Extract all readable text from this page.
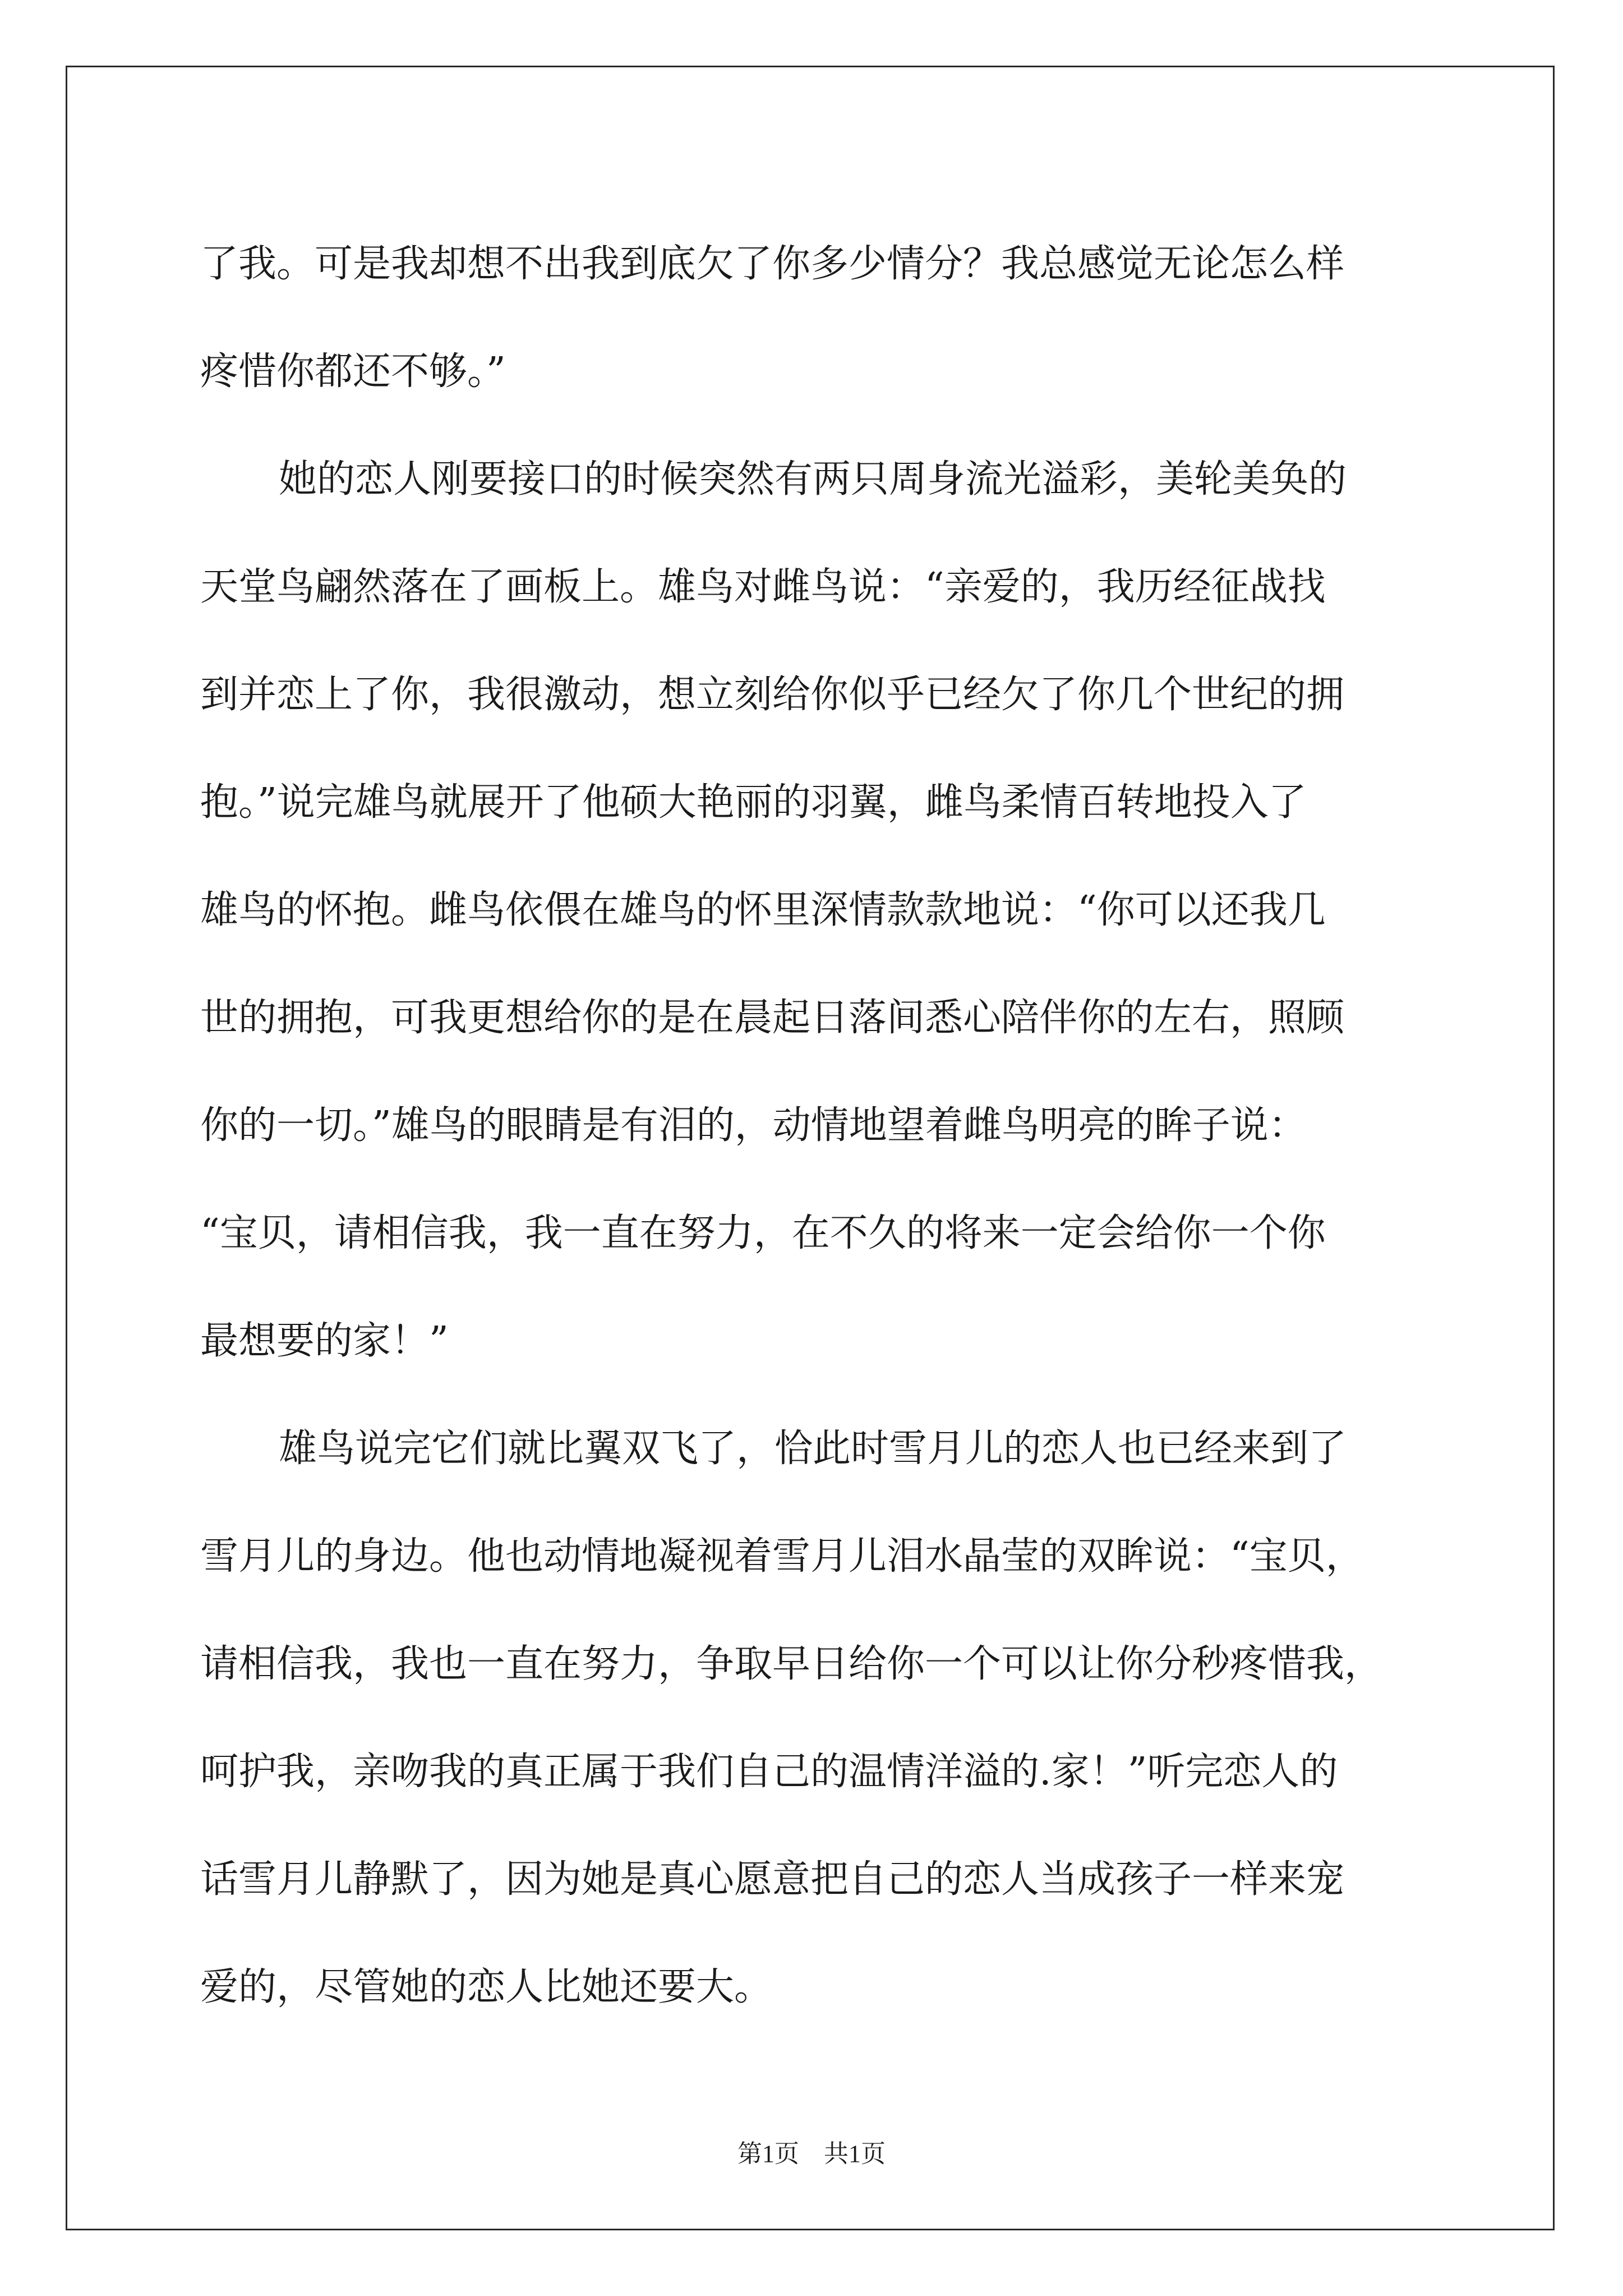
了我。可是我却想不出我到底欠了你多少情分？我总感觉无论怎么样
疼惜你都还不够。”
她的恋人刚要接口的时候突然有两只周身流光溢彩，美轮美奂的
天堂鸟翩然落在了画板上。雄鸟对雌鸟说：“亲爱的，我历经征战找
到并恋上了你，我很激动，想立刻给你似乎已经欠了你几个世纪的拥
抱。”说完雄鸟就展开了他硕大艳丽的羽翼，雌鸟柔情百转地投入了
雄鸟的怀抱。雌鸟依偎在雄鸟的怀里深情款款地说：“你可以还我几
世的拥抱，可我更想给你的是在晨起日落间悉心陪伴你的左右，照顾
你的一切。”雄鸟的眼睛是有泪的，动情地望着雌鸟明亮的眸子说：
“宝贝，请相信我，我一直在努力，在不久的将来一定会给你一个你
最想要的家！”
雄鸟说完它们就比翼双飞了，恰此时雪月儿的恋人也已经来到了
雪月儿的身边。他也动情地凝视着雪月儿泪水晶莹的双眸说：“宝贝，
请相信我，我也一直在努力，争取早日给你一个可以让你分秒疼惜我，
呵护我，亲吻我的真正属于我们自己的温情洋溢的.家！”听完恋人的
话雪月儿静默了，因为她是真心愿意把自己的恋人当成孩子一样来宠
爱的，尽管她的恋人比她还要大。
第1页 共1页
